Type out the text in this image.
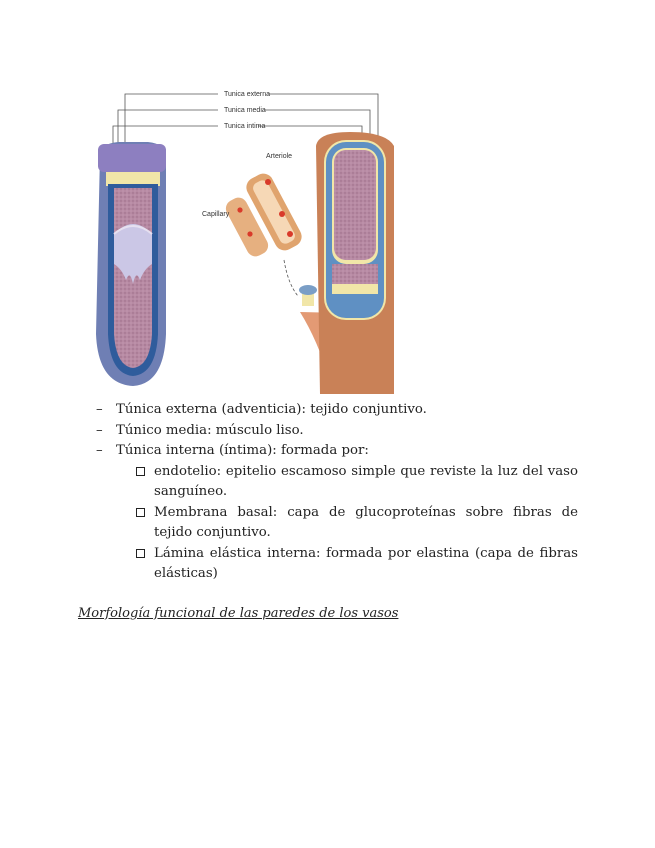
Tunica externa
Tunica media
Tunica intima
Arteriole
Capillary
– Túnica externa (adventicia): tejido conjuntivo.
– Túnico media: músculo liso.
– Túnica interna (íntima): formada por:
endotelio: epitelio escamoso simple que reviste la luz del vaso sanguíneo.
Membrana basal: capa de glucoproteínas sobre fibras de tejido conjuntivo.
Lámina elástica interna: formada por elastina (capa de fibras elásticas)
Morfología funcional de las paredes de los vasos
